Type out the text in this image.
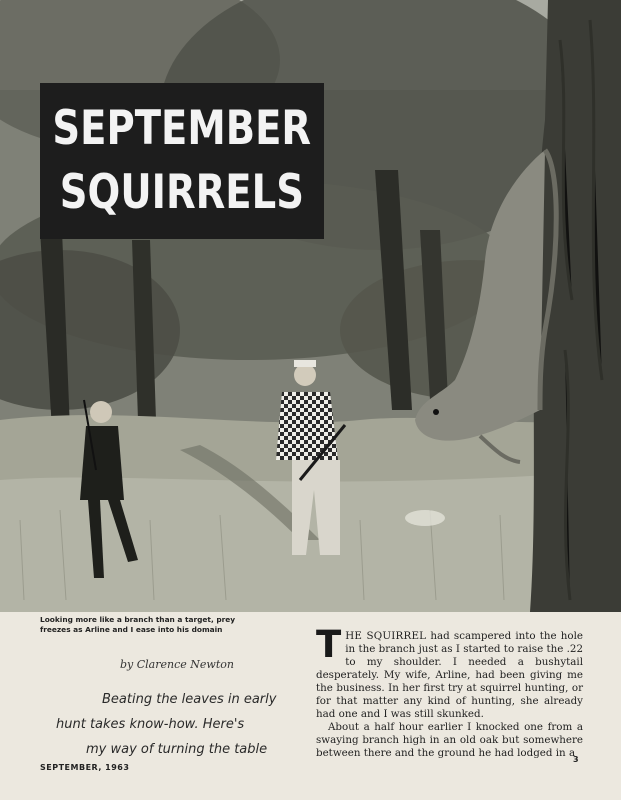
SEPTEMBER
SQUIRRELS
Looking more like a branch than a target, prey
freezes as Arline and I ease into his domain
by Clarence Newton
Beating the leaves in early
hunt takes know-how. Here's
my way of turning the table

THE SQUIRREL had scampered into the hole in the branch just as I started to raise the .22 to my shoulder. I needed a bushytail desperately. My wife, Arline, had been giving me the business. In her first try at squirrel hunting, or for that matter any kind of hunting, she already had one and I was still skunked.

About a half hour earlier I knocked one from a swaying branch high in an old oak but somewhere between there and the ground he had lodged in a

SEPTEMBER, 1963
3
